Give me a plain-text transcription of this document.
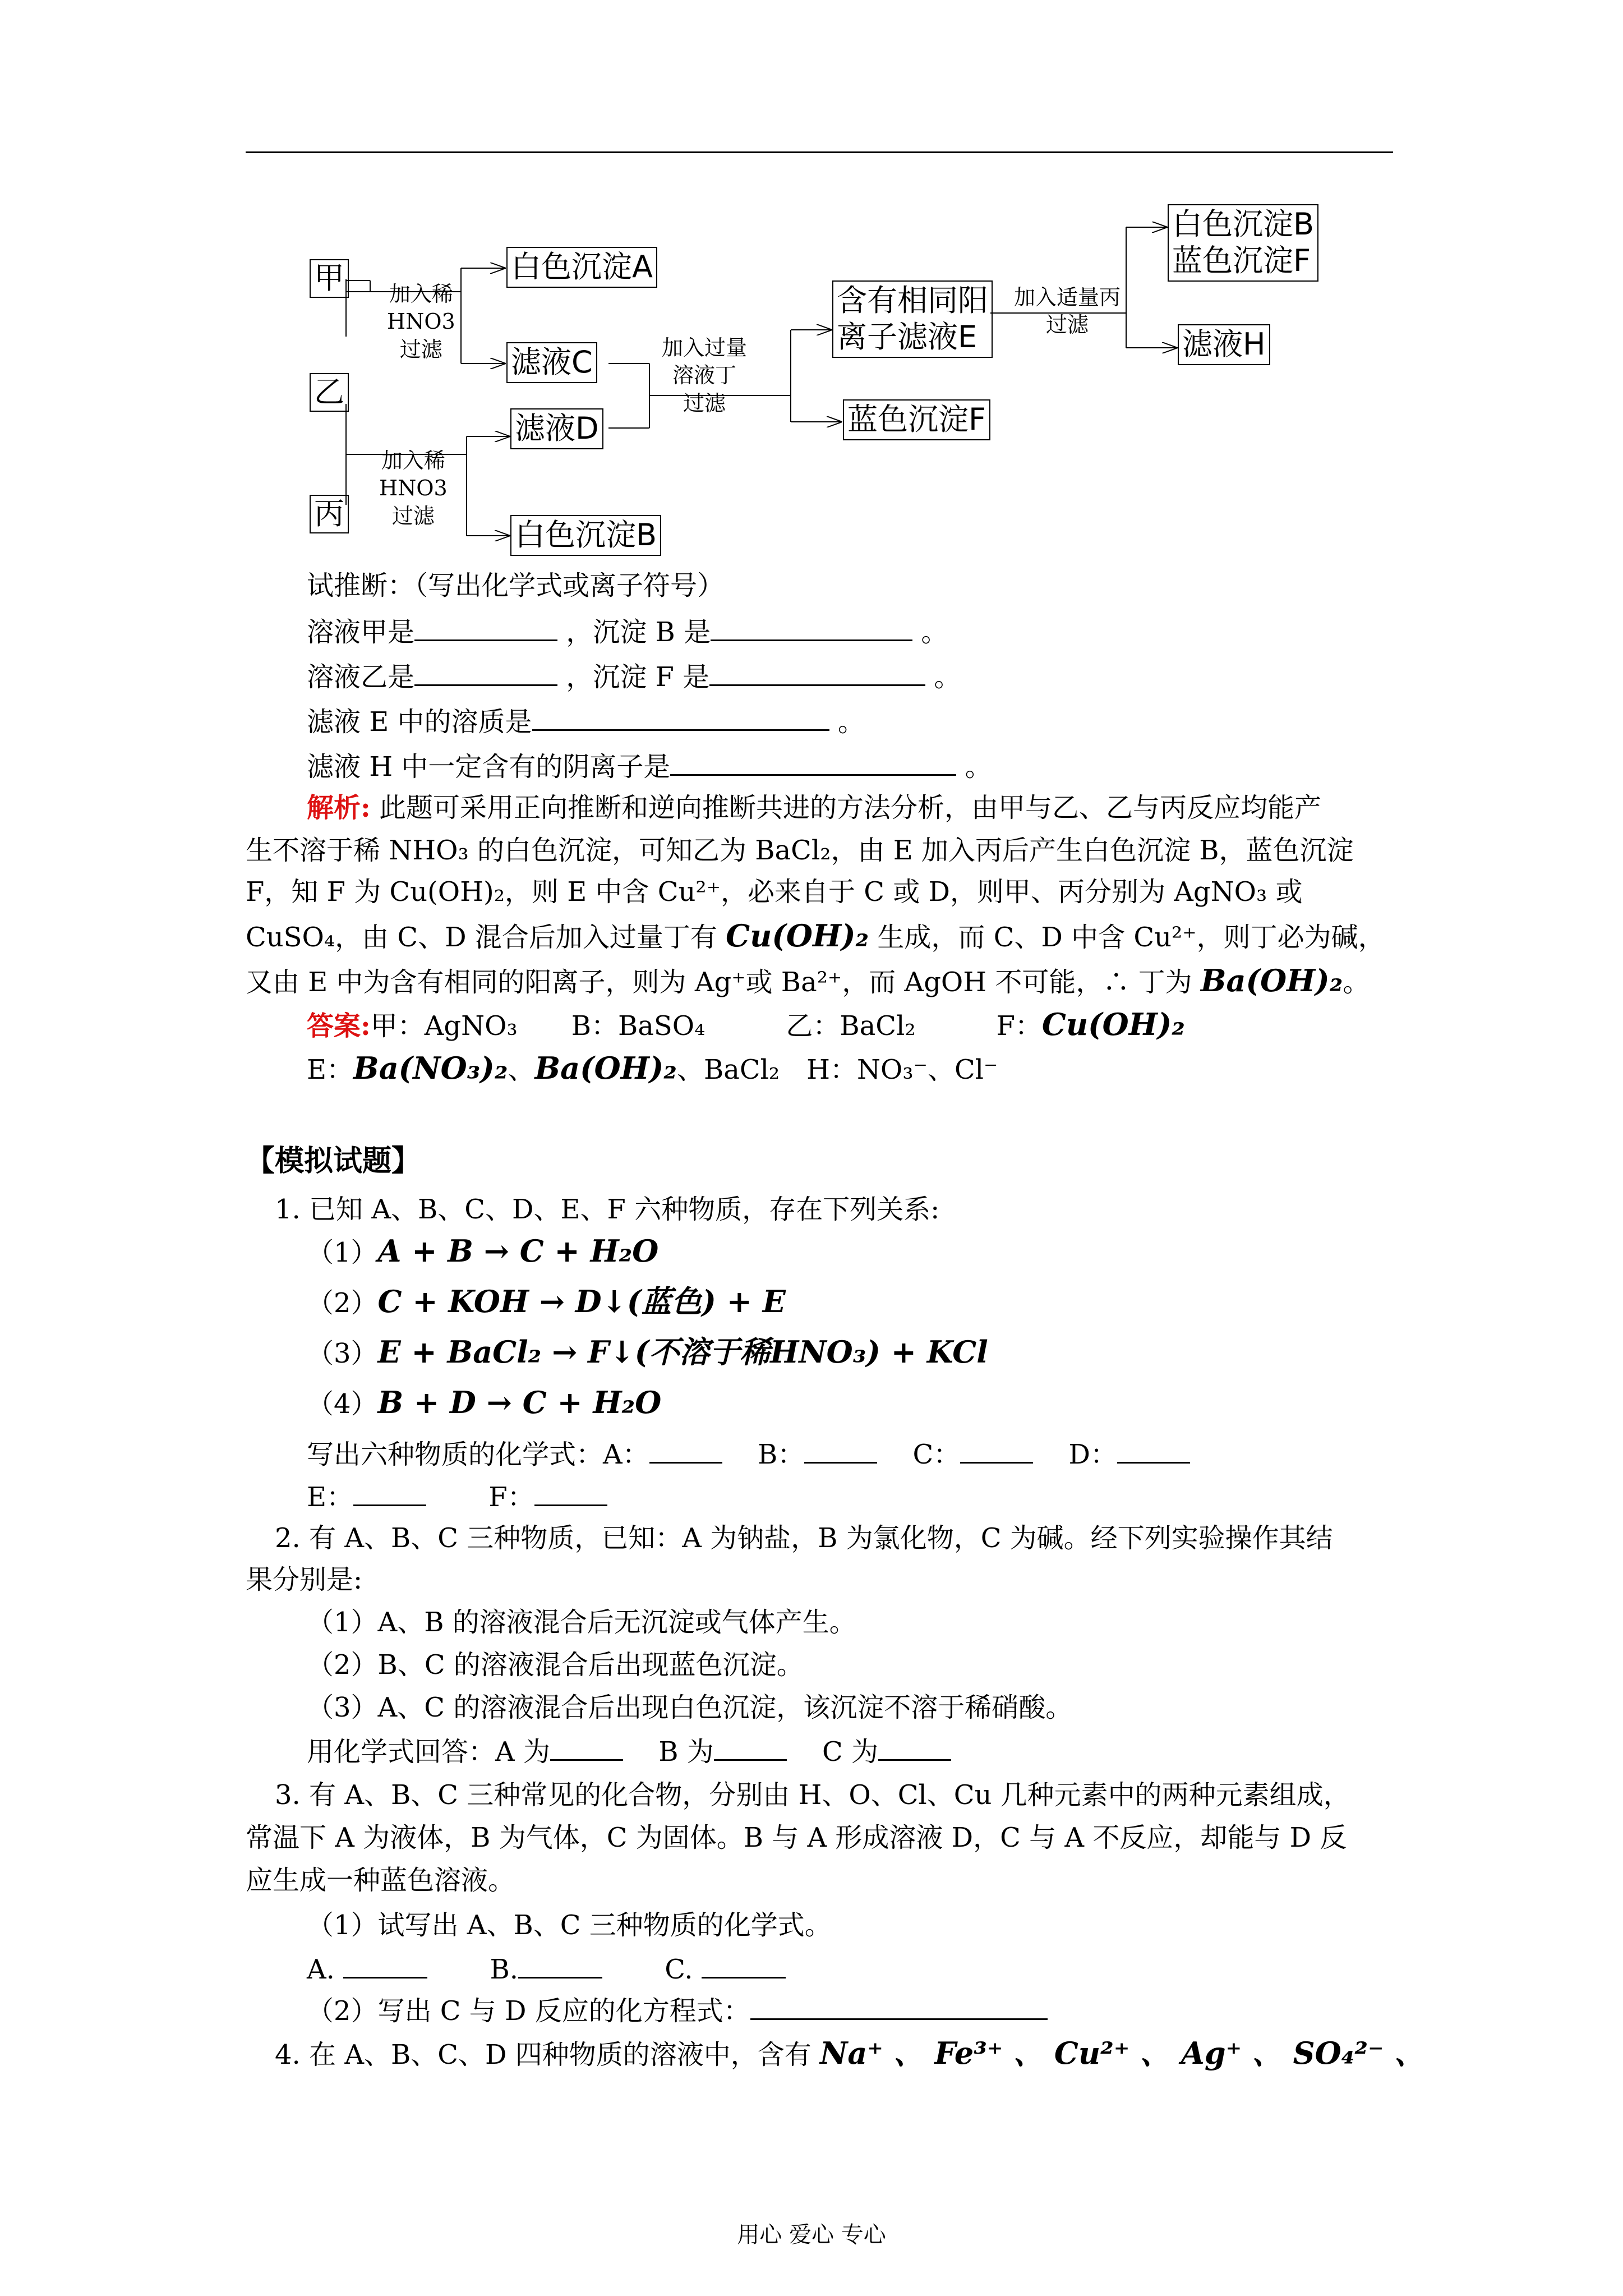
甲
乙
丙
白色沉淀A
滤液C
滤液D
白色沉淀B
含有相同阳
离子滤液E
蓝色沉淀F
白色沉淀B
蓝色沉淀F
滤液H
加入稀
HNO3
过滤
加入稀
HNO3
过滤
加入过量
溶液丁
过滤
加入适量丙
过滤
试推断：（写出化学式或离子符号）
溶液甲是	，沉淀 B 是	。
溶液乙是	，沉淀 F 是	。
滤液 E 中的溶质是	。
滤液 H 中一定含有的阴离子是	。
解析: 此题可采用正向推断和逆向推断共进的方法分析，由甲与乙、乙与丙反应均能产
生不溶于稀 NHO₃ 的白色沉淀，可知乙为 BaCl₂，由 E 加入丙后产生白色沉淀 B，蓝色沉淀
F，知 F 为 Cu(OH)₂，则 E 中含 Cu²⁺，必来自于 C 或 D，则甲、丙分别为 AgNO₃ 或
CuSO₄，由 C、D 混合后加入过量丁有 Cu(OH)₂ 生成，而 C、D 中含 Cu²⁺，则丁必为碱，
又由 E 中为含有相同的阳离子，则为 Ag⁺或 Ba²⁺，而 AgOH 不可能，∴ 丁为 Ba(OH)₂。
答案:甲：AgNO₃　　B：BaSO₄　　　乙：BaCl₂　　　F：Cu(OH)₂
E：Ba(NO₃)₂、Ba(OH)₂、BaCl₂　H：NO₃⁻、Cl⁻
【模拟试题】
1. 已知 A、B、C、D、E、F 六种物质，存在下列关系:
（1）A + B → C + H₂O
（2）C + KOH → D↓(蓝色) + E
（3）E + BaCl₂ → F↓(不溶于稀HNO₃) + KCl
（4）B + D → C + H₂O
写出六种物质的化学式：A： 　	B： 　	C： 　	D：
E： 　　	F：
2. 有 A、B、C 三种物质，已知：A 为钠盐，B 为氯化物，C 为碱。经下列实验操作其结
果分别是:
（1）A、B 的溶液混合后无沉淀或气体产生。
（2）B、C 的溶液混合后出现蓝色沉淀。
（3）A、C 的溶液混合后出现白色沉淀，该沉淀不溶于稀硝酸。
用化学式回答：A 为 　	B 为 　	C 为
3. 有 A、B、C 三种常见的化合物，分别由 H、O、Cl、Cu 几种元素中的两种元素组成，
常温下 A 为液体，B 为气体，C 为固体。B 与 A 形成溶液 D，C 与 A 不反应，却能与 D 反
应生成一种蓝色溶液。
（1）试写出 A、B、C 三种物质的化学式。
A.  　　	B. 　　	C.
（2）写出 C 与 D 反应的化方程式：
4. 在 A、B、C、D 四种物质的溶液中，含有 Na⁺ 、 Fe³⁺ 、 Cu²⁺ 、 Ag⁺ 、 SO₄²⁻ 、
用心 爱心 专心
